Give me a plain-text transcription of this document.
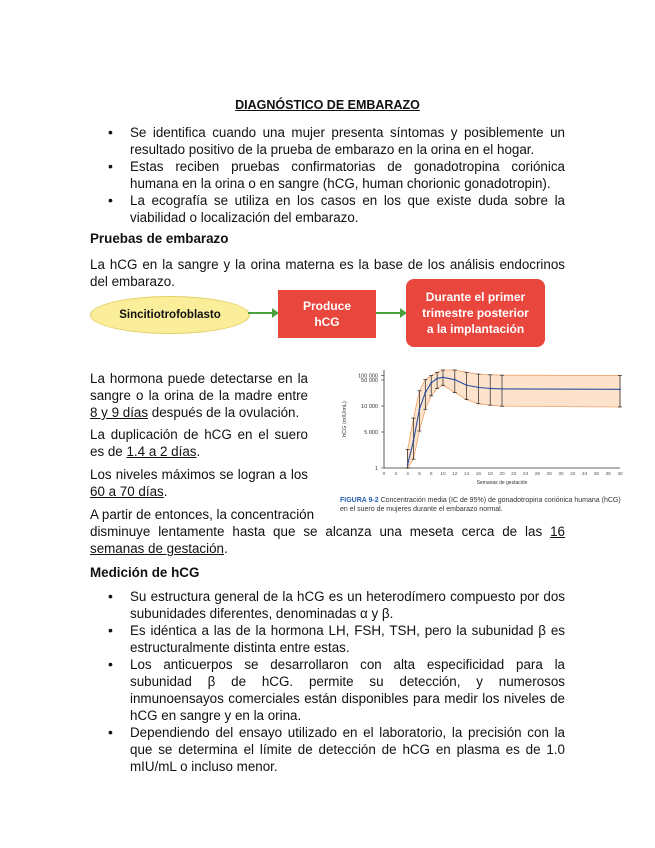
DIAGNÓSTICO DE EMBARAZO
• Se identifica cuando una mujer presenta síntomas y posiblemente un resultado positivo de la prueba de embarazo en la orina en el hogar.
• Estas reciben pruebas confirmatorias de gonadotropina coriónica humana en la orina o en sangre (hCG, human chorionic gonadotropin).
• La ecografía se utiliza en los casos en los que existe duda sobre la viabilidad o localización del embarazo.
Pruebas de embarazo
La hCG en la sangre y la orina materna es la base de los análisis endocrinos del embarazo.
Sincitiotrofoblasto
Produce
hCG
Durante el primer
trimestre posterior
a la implantación
La hormona puede detectarse en la sangre o la orina de la madre entre 8 y 9 días después de la ovulación.
La duplicación de hCG en el suero es de 1.4 a 2 días.
Los niveles máximos se logran a los 60 a 70 días.
A partir de entonces, la concentración
disminuye lentamente hasta que se alcanza una meseta cerca de las 16 semanas de gestación.
100 000
50 000
10 000
5 000
1
0 2 4 6 8 10 12 14 16 18 20 22 24 26 28 30 32 34 36 38 40
hCG (mIU/mL)
Semanas de gestación
FIGURA 9-2 Concentración media (IC de 95%) de gonadotropina coriónica humana (hCG) en el suero de mujeres durante el embarazo normal.
Medición de hCG
• Su estructura general de la hCG es un heterodímero compuesto por dos subunidades diferentes, denominadas α y β.
• Es idéntica a las de la hormona LH, FSH, TSH, pero la subunidad β es estructuralmente distinta entre estas.
• Los anticuerpos se desarrollaron con alta especificidad para la subunidad β de hCG. permite su detección, y numerosos inmunoensayos comerciales están disponibles para medir los niveles de hCG en sangre y en la orina.
• Dependiendo del ensayo utilizado en el laboratorio, la precisión con la que se determina el límite de detección de hCG en plasma es de 1.0 mIU/mL o incluso menor.
